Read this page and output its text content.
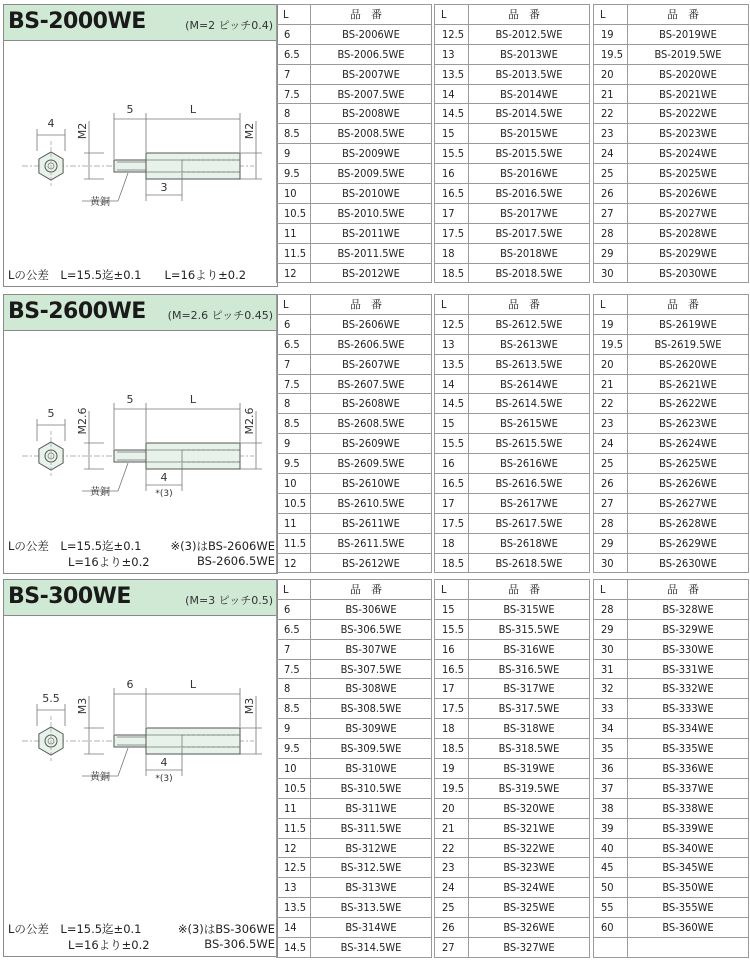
BS-2000WE	(M=2 ピッチ0.4)
4 M2	M2
5	L
3
黄銅
Lの公差　L=15.5迄±0.1　　L=16より±0.2
L	品番
6	BS-2006WE
6.5	BS-2006.5WE
7	BS-2007WE
7.5	BS-2007.5WE
8	BS-2008WE
8.5	BS-2008.5WE
9	BS-2009WE
9.5	BS-2009.5WE
10	BS-2010WE
10.5	BS-2010.5WE
11	BS-2011WE
11.5	BS-2011.5WE
12	BS-2012WE
L	品番
12.5	BS-2012.5WE
13	BS-2013WE
13.5	BS-2013.5WE
14	BS-2014WE
14.5	BS-2014.5WE
15	BS-2015WE
15.5	BS-2015.5WE
16	BS-2016WE
16.5	BS-2016.5WE
17	BS-2017WE
17.5	BS-2017.5WE
18	BS-2018WE
18.5	BS-2018.5WE
L	品番
19	BS-2019WE
19.5	BS-2019.5WE
20	BS-2020WE
21	BS-2021WE
22	BS-2022WE
23	BS-2023WE
24	BS-2024WE
25	BS-2025WE
26	BS-2026WE
27	BS-2027WE
28	BS-2028WE
29	BS-2029WE
30	BS-2030WE
BS-2600WE (M=2.6 ピッチ0.45)
5 M2.6	M2.6
5	L
4
*(3)
黄銅
Lの公差　L=15.5迄±0.1
L=16より±0.2
※(3)はBS-2606WE
BS-2606.5WE
L	品番
6	BS-2606WE
6.5	BS-2606.5WE
7	BS-2607WE
7.5	BS-2607.5WE
8	BS-2608WE
8.5	BS-2608.5WE
9	BS-2609WE
9.5	BS-2609.5WE
10	BS-2610WE
10.5	BS-2610.5WE
11	BS-2611WE
11.5	BS-2611.5WE
12	BS-2612WE
L	品番
12.5	BS-2612.5WE
13	BS-2613WE
13.5	BS-2613.5WE
14	BS-2614WE
14.5	BS-2614.5WE
15	BS-2615WE
15.5	BS-2615.5WE
16	BS-2616WE
16.5	BS-2616.5WE
17	BS-2617WE
17.5	BS-2617.5WE
18	BS-2618WE
18.5	BS-2618.5WE
L	品番
19	BS-2619WE
19.5	BS-2619.5WE
20	BS-2620WE
21	BS-2621WE
22	BS-2622WE
23	BS-2623WE
24	BS-2624WE
25	BS-2625WE
26	BS-2626WE
27	BS-2627WE
28	BS-2628WE
29	BS-2629WE
30	BS-2630WE
BS-300WE	(M=3 ピッチ0.5)
5.5 M3	M3
6	L
4
*(3)
黄銅
Lの公差　L=15.5迄±0.1
L=16より±0.2
※(3)はBS-306WE
BS-306.5WE
L	品番
6	BS-306WE
6.5	BS-306.5WE
7	BS-307WE
7.5	BS-307.5WE
8	BS-308WE
8.5	BS-308.5WE
9	BS-309WE
9.5	BS-309.5WE
10	BS-310WE
10.5	BS-310.5WE
11	BS-311WE
11.5	BS-311.5WE
12	BS-312WE
12.5	BS-312.5WE
13	BS-313WE
13.5	BS-313.5WE
14	BS-314WE
14.5	BS-314.5WE
L	品番
15	BS-315WE
15.5	BS-315.5WE
16	BS-316WE
16.5	BS-316.5WE
17	BS-317WE
17.5	BS-317.5WE
18	BS-318WE
18.5	BS-318.5WE
19	BS-319WE
19.5	BS-319.5WE
20	BS-320WE
21	BS-321WE
22	BS-322WE
23	BS-323WE
24	BS-324WE
25	BS-325WE
26	BS-326WE
27	BS-327WE
L	品番
28	BS-328WE
29	BS-329WE
30	BS-330WE
31	BS-331WE
32	BS-332WE
33	BS-333WE
34	BS-334WE
35	BS-335WE
36	BS-336WE
37	BS-337WE
38	BS-338WE
39	BS-339WE
40	BS-340WE
45	BS-345WE
50	BS-350WE
55	BS-355WE
60	BS-360WE
